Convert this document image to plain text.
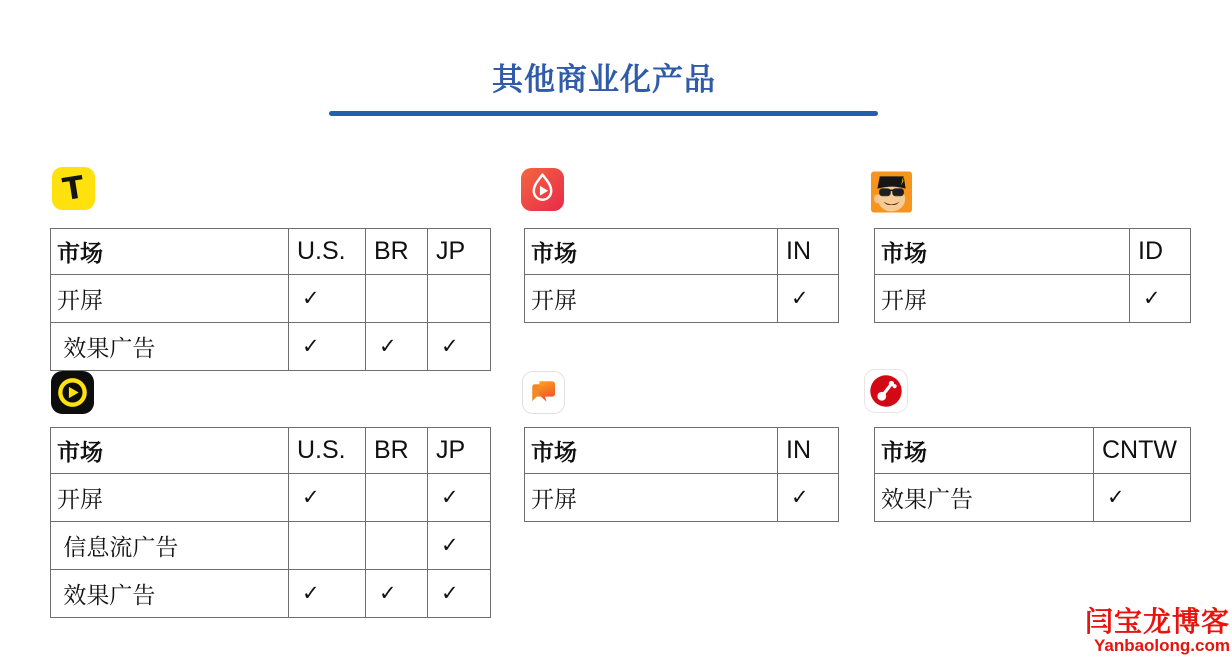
其他商业化产品
T
市场	U.S.	BR	JP
开屏	✓		
效果广告	✓	✓	✓
市场	IN
开屏	✓
市场	ID
开屏	✓
市场	U.S.	BR	JP
开屏	✓		✓
信息流广告			✓
效果广告	✓	✓	✓
市场	IN
开屏	✓
市场	CNTW
效果广告	✓
闫宝龙博客
Yanbaolong.com
